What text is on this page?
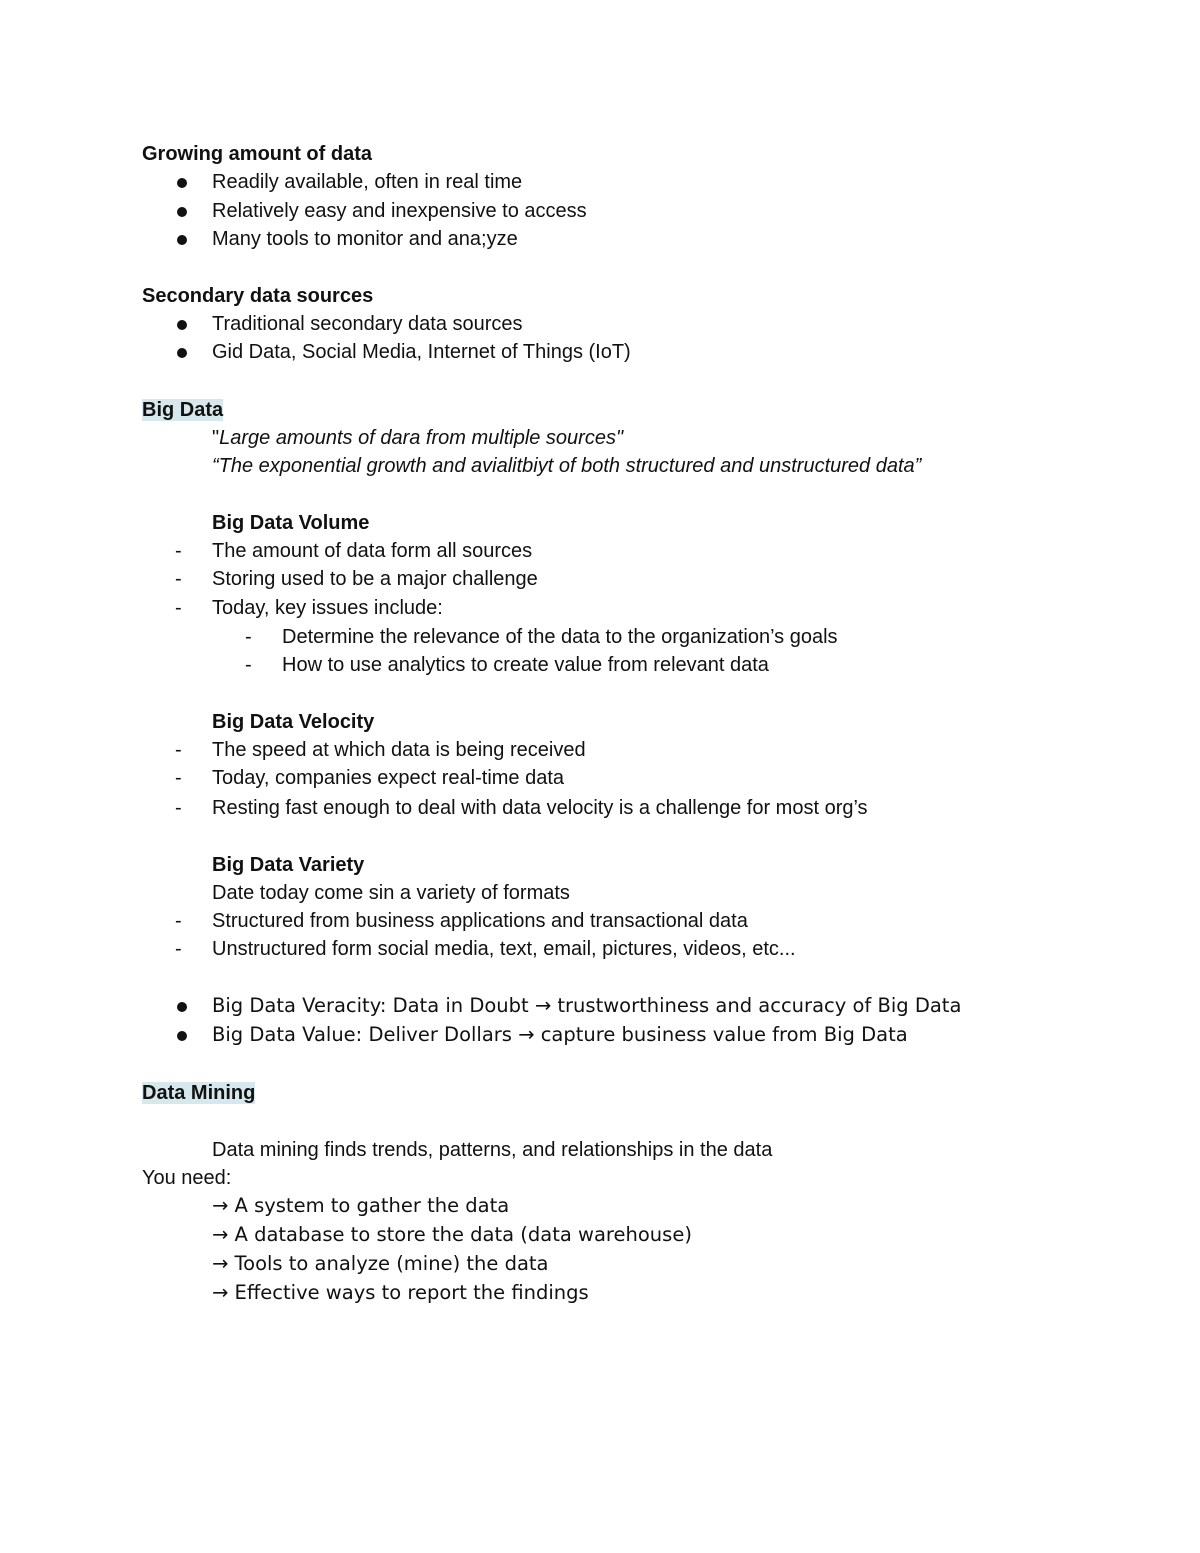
Growing amount of data
Readily available, often in real time
Relatively easy and inexpensive to access
Many tools to monitor and ana;yze
Secondary data sources
Traditional secondary data sources
Gid Data, Social Media, Internet of Things (IoT)
Big Data
"Large amounts of dara from multiple sources"
“The exponential growth and avialitbiyt of both structured and unstructured data”
Big Data Volume
- The amount of data form all sources
- Storing used to be a major challenge
- Today, key issues include:
- Determine the relevance of the data to the organization’s goals
- How to use analytics to create value from relevant data
Big Data Velocity
- The speed at which data is being received
- Today, companies expect real-time data
- Resting fast enough to deal with data velocity is a challenge for most org’s
Big Data Variety
Date today come sin a variety of formats
- Structured from business applications and transactional data
- Unstructured form social media, text, email, pictures, videos, etc...
Big Data Veracity: Data in Doubt → trustworthiness and accuracy of Big Data
Big Data Value: Deliver Dollars → capture business value from Big Data
Data Mining
Data mining finds trends, patterns, and relationships in the data
You need:
→ A system to gather the data
→ A database to store the data (data warehouse)
→ Tools to analyze (mine) the data
→ Effective ways to report the findings
